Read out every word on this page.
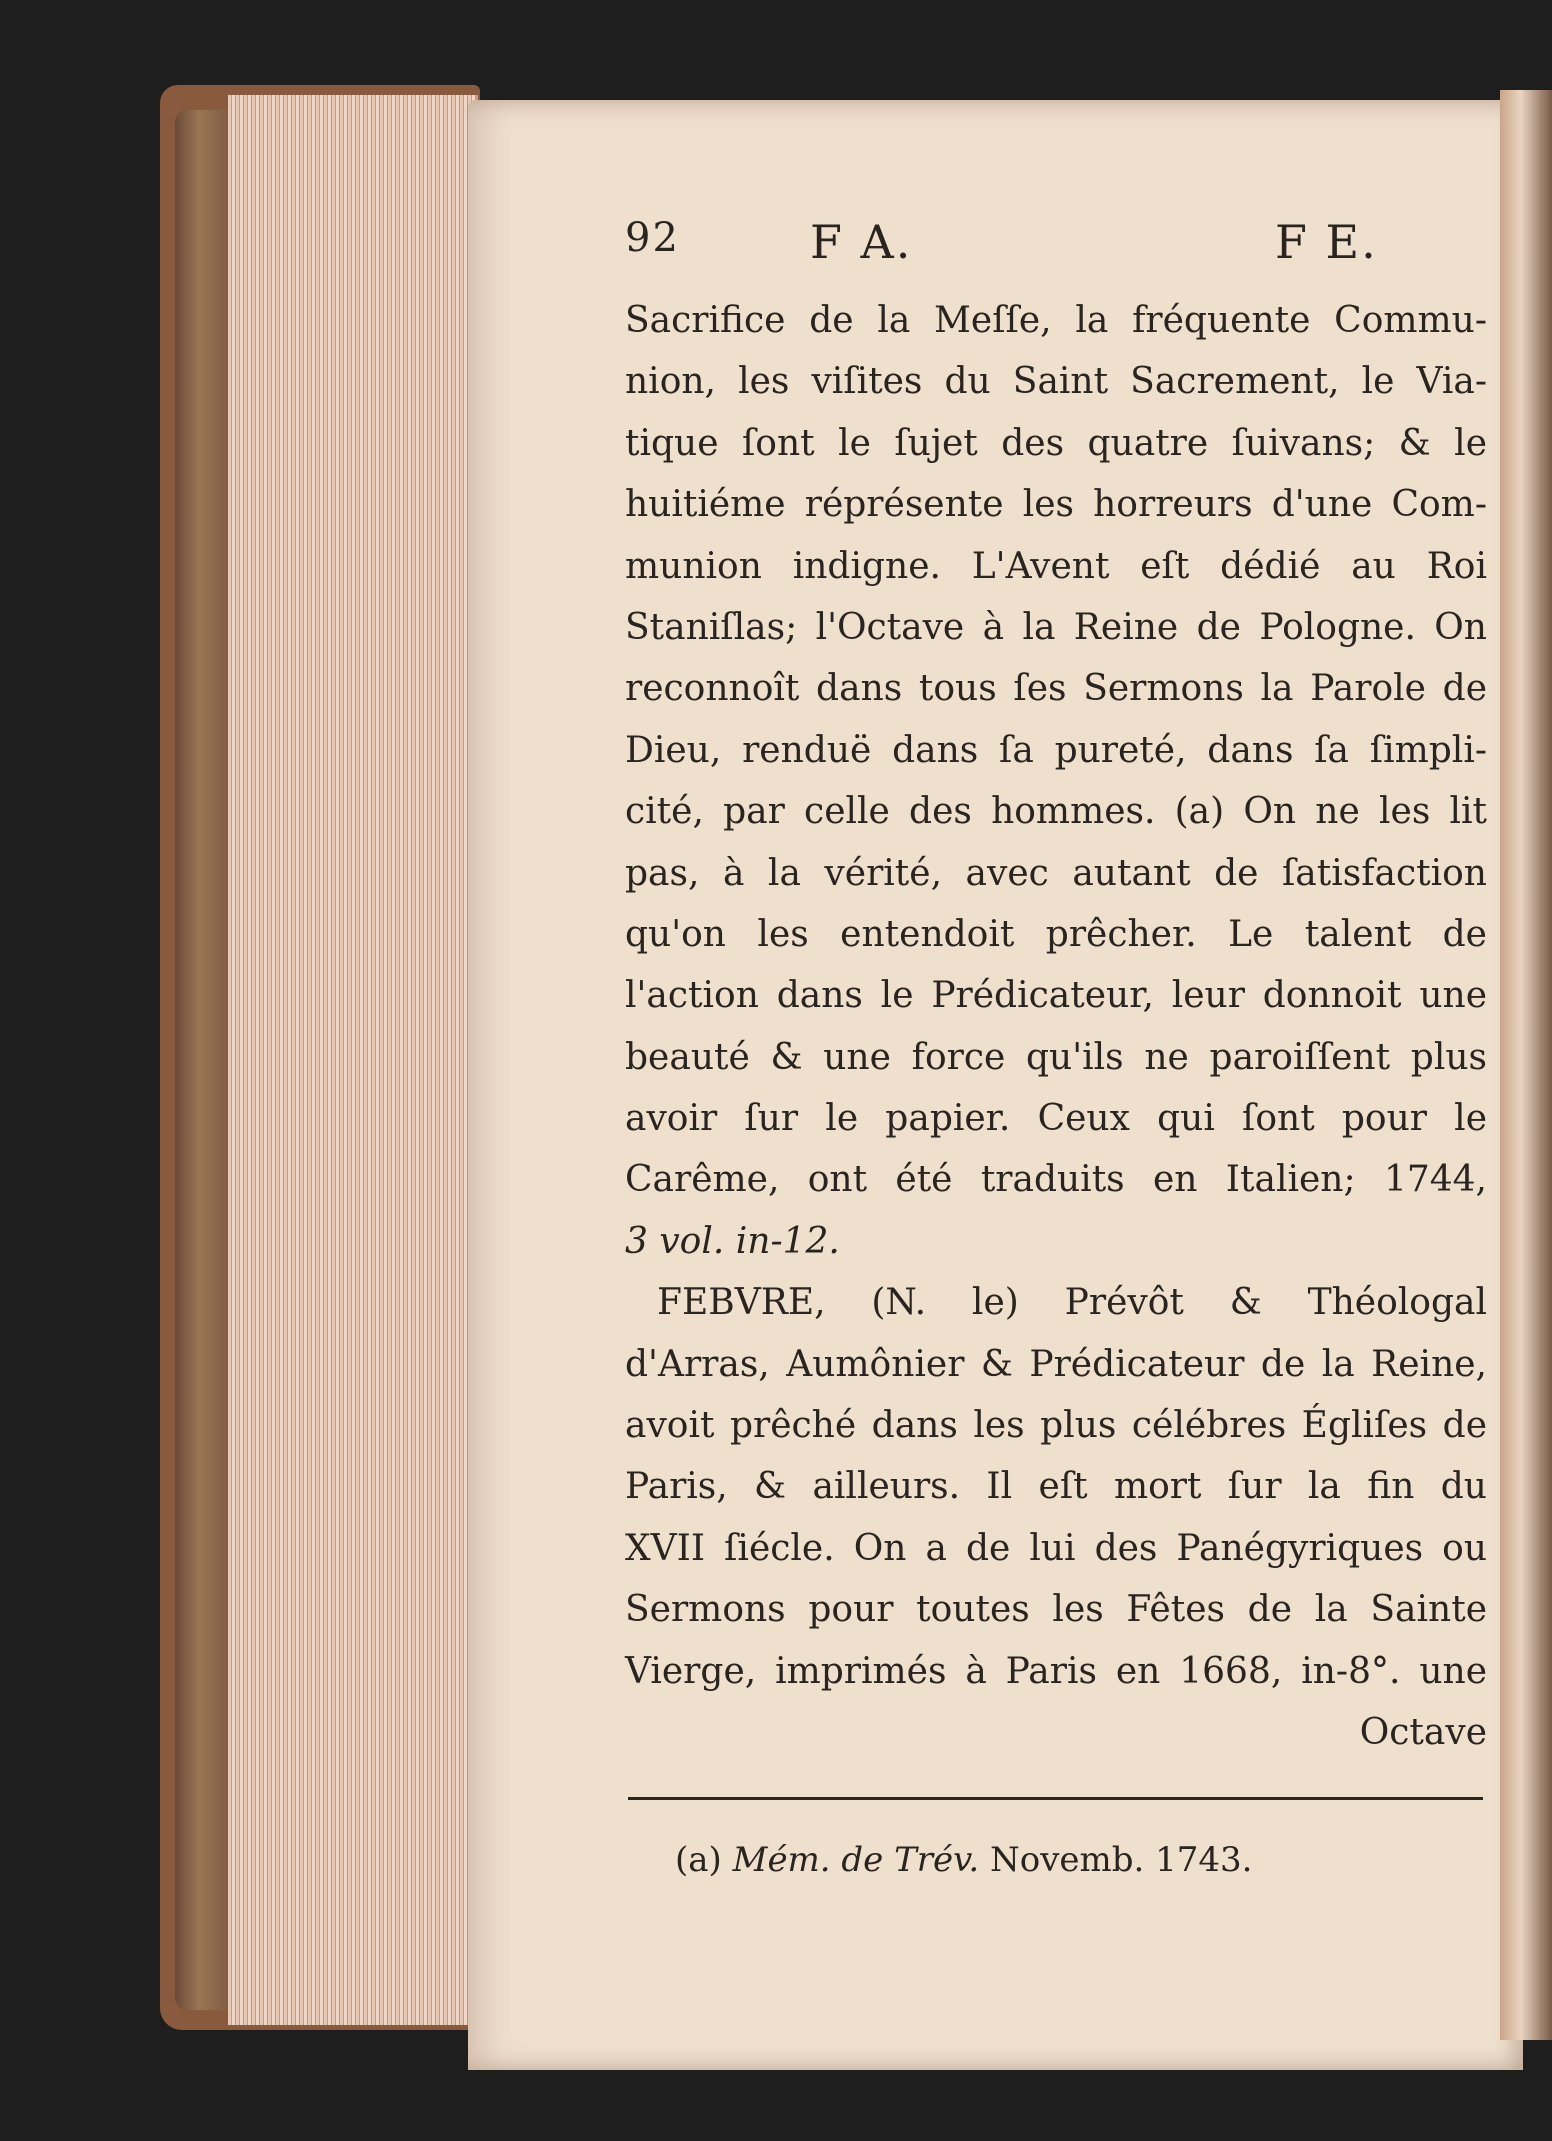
92	F A.	F E.
Sacrifice de la Meſſe, la fréquente Commu-
nion, les viſites du Saint Sacrement, le Via-
tique ſont le ſujet des quatre ſuivans; & le
huitiéme réprésente les horreurs d'une Com-
munion indigne. L'Avent eſt dédié au Roi
Staniſlas; l'Octave à la Reine de Pologne. On
reconnoît dans tous ſes Sermons la Parole de
Dieu, renduë dans ſa pureté, dans ſa ſimpli-
cité, par celle des hommes. (a) On ne les lit
pas, à la vérité, avec autant de ſatisfaction
qu'on les entendoit prêcher. Le talent de
l'action dans le Prédicateur, leur donnoit une
beauté & une force qu'ils ne paroiſſent plus
avoir ſur le papier. Ceux qui ſont pour le
Carême, ont été traduits en Italien; 1744,
3 vol. in-12.
FEBVRE, (N. le) Prévôt & Théologal
d'Arras, Aumônier & Prédicateur de la Reine,
avoit prêché dans les plus célébres Égliſes de
Paris, & ailleurs. Il eſt mort ſur la fin du
XVII ſiécle. On a de lui des Panégyriques ou
Sermons pour toutes les Fêtes de la Sainte
Vierge, imprimés à Paris en 1668, in-8°. une
Octave
(a) Mém. de Trév. Novemb. 1743.
